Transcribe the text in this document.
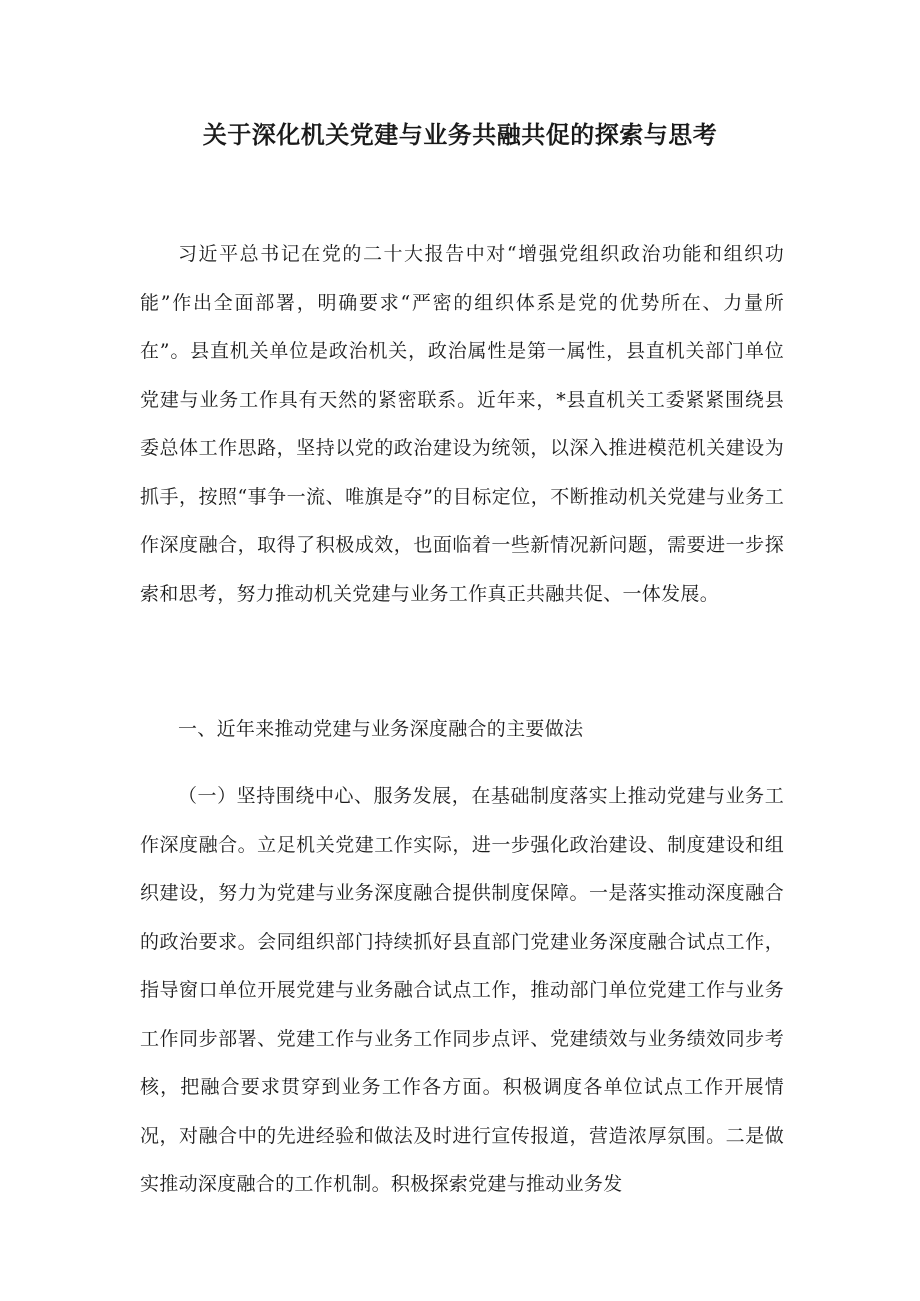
关于深化机关党建与业务共融共促的探索与思考

习近平总书记在党的二十大报告中对“增强党组织政治功能和组织功能”作出全面部署，明确要求“严密的组织体系是党的优势所在、力量所在”。县直机关单位是政治机关，政治属性是第一属性，县直机关部门单位党建与业务工作具有天然的紧密联系。近年来，*县直机关工委紧紧围绕县委总体工作思路，坚持以党的政治建设为统领，以深入推进模范机关建设为抓手，按照“事争一流、唯旗是夺”的目标定位，不断推动机关党建与业务工作深度融合，取得了积极成效，也面临着一些新情况新问题，需要进一步探索和思考，努力推动机关党建与业务工作真正共融共促、一体发展。

一、近年来推动党建与业务深度融合的主要做法

（一）坚持围绕中心、服务发展，在基础制度落实上推动党建与业务工作深度融合。立足机关党建工作实际，进一步强化政治建设、制度建设和组织建设，努力为党建与业务深度融合提供制度保障。一是落实推动深度融合的政治要求。会同组织部门持续抓好县直部门党建业务深度融合试点工作，指导窗口单位开展党建与业务融合试点工作，推动部门单位党建工作与业务工作同步部署、党建工作与业务工作同步点评、党建绩效与业务绩效同步考核，把融合要求贯穿到业务工作各方面。积极调度各单位试点工作开展情况，对融合中的先进经验和做法及时进行宣传报道，营造浓厚氛围。二是做实推动深度融合的工作机制。积极探索党建与推动业务发
